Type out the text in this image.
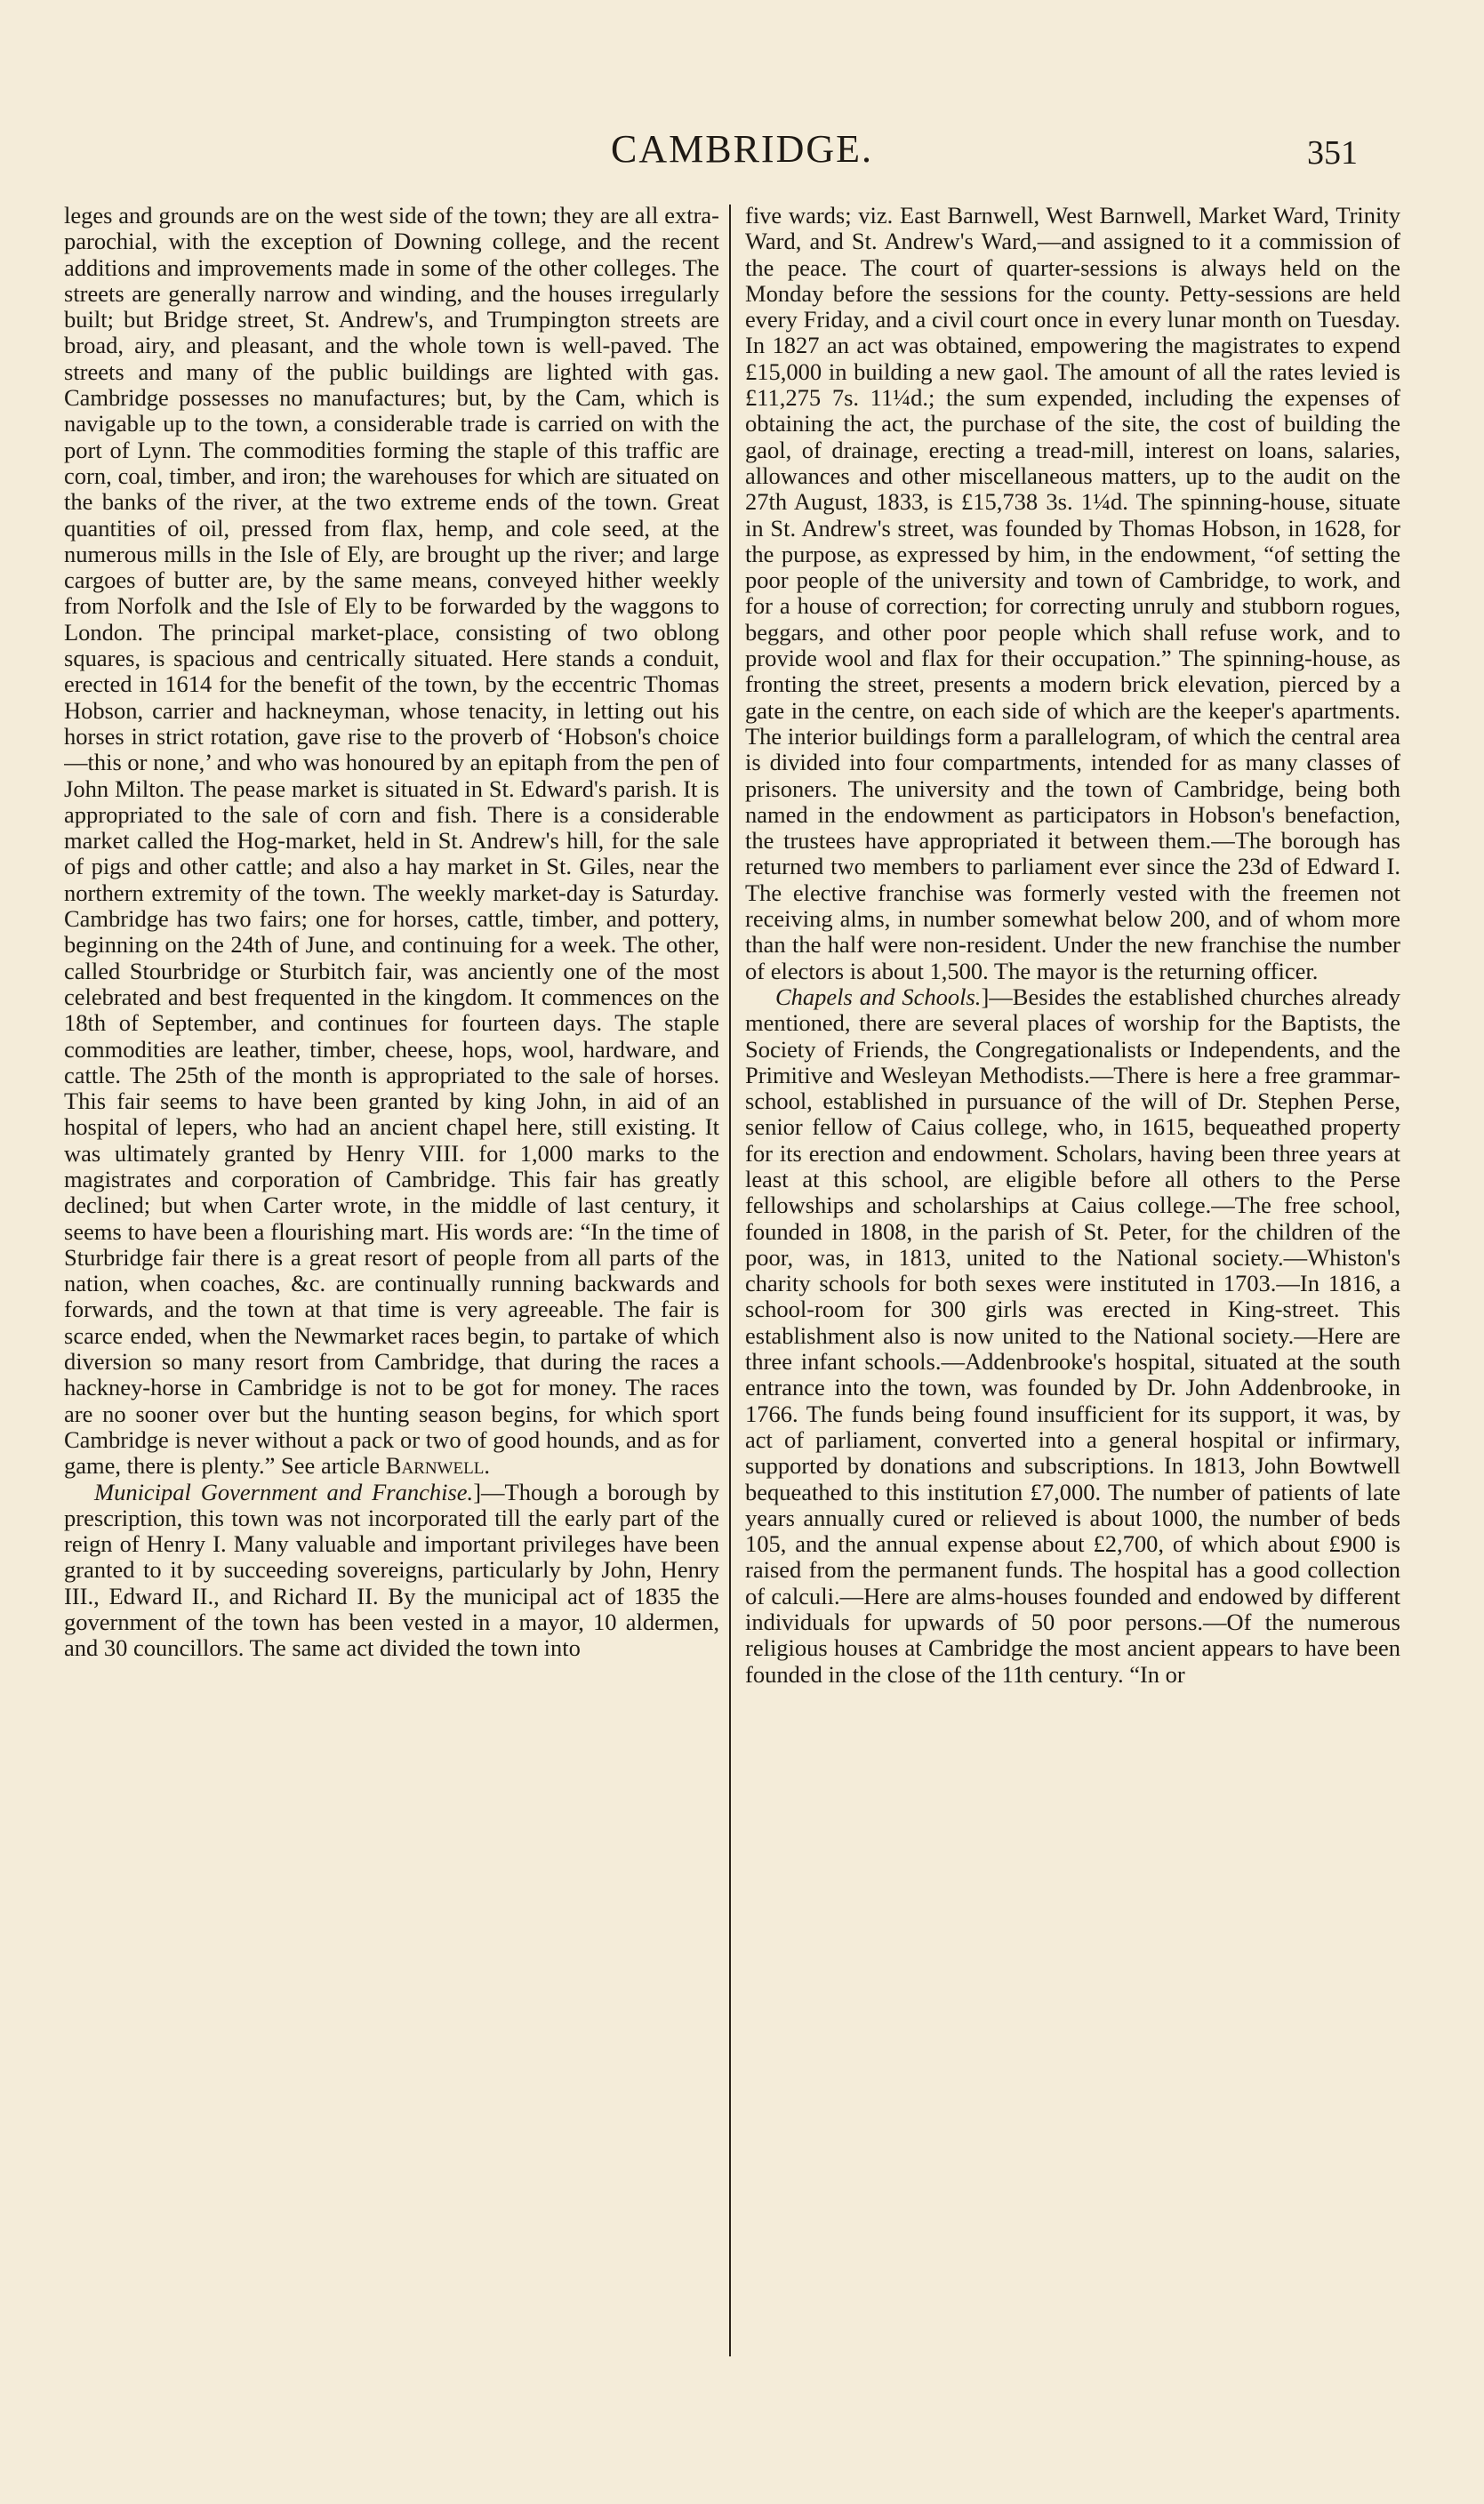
CAMBRIDGE.	351

leges and grounds are on the west side of the town; they are all extra-parochial, with the exception of Downing college, and the recent additions and improvements made in some of the other colleges. The streets are generally narrow and winding, and the houses irregularly built; but Bridge street, St. Andrew's, and Trumpington streets are broad, airy, and pleasant, and the whole town is well-paved. The streets and many of the public buildings are lighted with gas. Cambridge possesses no manufactures; but, by the Cam, which is navigable up to the town, a considerable trade is carried on with the port of Lynn. The commodities forming the staple of this traffic are corn, coal, timber, and iron; the warehouses for which are situated on the banks of the river, at the two extreme ends of the town. Great quantities of oil, pressed from flax, hemp, and cole seed, at the numerous mills in the Isle of Ely, are brought up the river; and large cargoes of butter are, by the same means, conveyed hither weekly from Norfolk and the Isle of Ely to be forwarded by the waggons to London. The principal market-place, consisting of two oblong squares, is spacious and centrically situated. Here stands a conduit, erected in 1614 for the benefit of the town, by the eccentric Thomas Hobson, carrier and hackneyman, whose tenacity, in letting out his horses in strict rotation, gave rise to the proverb of ‘Hobson's choice—this or none,’ and who was honoured by an epitaph from the pen of John Milton. The pease market is situated in St. Edward's parish. It is appropriated to the sale of corn and fish. There is a considerable market called the Hog-market, held in St. Andrew's hill, for the sale of pigs and other cattle; and also a hay market in St. Giles, near the northern extremity of the town. The weekly market-day is Saturday. Cambridge has two fairs; one for horses, cattle, timber, and pottery, beginning on the 24th of June, and continuing for a week. The other, called Stourbridge or Sturbitch fair, was anciently one of the most celebrated and best frequented in the kingdom. It commences on the 18th of September, and continues for fourteen days. The staple commodities are leather, timber, cheese, hops, wool, hardware, and cattle. The 25th of the month is appropriated to the sale of horses. This fair seems to have been granted by king John, in aid of an hospital of lepers, who had an ancient chapel here, still existing. It was ultimately granted by Henry VIII. for 1,000 marks to the magistrates and corporation of Cambridge. This fair has greatly declined; but when Carter wrote, in the middle of last century, it seems to have been a flourishing mart. His words are: “In the time of Sturbridge fair there is a great resort of people from all parts of the nation, when coaches, &c. are continually running backwards and forwards, and the town at that time is very agreeable. The fair is scarce ended, when the Newmarket races begin, to partake of which diversion so many resort from Cambridge, that during the races a hackney-horse in Cambridge is not to be got for money. The races are no sooner over but the hunting season begins, for which sport Cambridge is never without a pack or two of good hounds, and as for game, there is plenty.” See article Barnwell.

Municipal Government and Franchise.]—Though a borough by prescription, this town was not incorporated till the early part of the reign of Henry I. Many valuable and important privileges have been granted to it by succeeding sovereigns, particularly by John, Henry III., Edward II., and Richard II. By the municipal act of 1835 the government of the town has been vested in a mayor, 10 aldermen, and 30 councillors. The same act divided the town into

five wards; viz. East Barnwell, West Barnwell, Market Ward, Trinity Ward, and St. Andrew's Ward,—and assigned to it a commission of the peace. The court of quarter-sessions is always held on the Monday before the sessions for the county. Petty-sessions are held every Friday, and a civil court once in every lunar month on Tuesday. In 1827 an act was obtained, empowering the magistrates to expend £15,000 in building a new gaol. The amount of all the rates levied is £11,275 7s. 11¼d.; the sum expended, including the expenses of obtaining the act, the purchase of the site, the cost of building the gaol, of drainage, erecting a tread-mill, interest on loans, salaries, allowances and other miscellaneous matters, up to the audit on the 27th August, 1833, is £15,738 3s. 1¼d. The spinning-house, situate in St. Andrew's street, was founded by Thomas Hobson, in 1628, for the purpose, as expressed by him, in the endowment, “of setting the poor people of the university and town of Cambridge, to work, and for a house of correction; for correcting unruly and stubborn rogues, beggars, and other poor people which shall refuse work, and to provide wool and flax for their occupation.” The spinning-house, as fronting the street, presents a modern brick elevation, pierced by a gate in the centre, on each side of which are the keeper's apartments. The interior buildings form a parallelogram, of which the central area is divided into four compartments, intended for as many classes of prisoners. The university and the town of Cambridge, being both named in the endowment as participators in Hobson's benefaction, the trustees have appropriated it between them.—The borough has returned two members to parliament ever since the 23d of Edward I. The elective franchise was formerly vested with the freemen not receiving alms, in number somewhat below 200, and of whom more than the half were non-resident. Under the new franchise the number of electors is about 1,500. The mayor is the returning officer.

Chapels and Schools.]—Besides the established churches already mentioned, there are several places of worship for the Baptists, the Society of Friends, the Congregationalists or Independents, and the Primitive and Wesleyan Methodists.—There is here a free grammar-school, established in pursuance of the will of Dr. Stephen Perse, senior fellow of Caius college, who, in 1615, bequeathed property for its erection and endowment. Scholars, having been three years at least at this school, are eligible before all others to the Perse fellowships and scholarships at Caius college.—The free school, founded in 1808, in the parish of St. Peter, for the children of the poor, was, in 1813, united to the National society.—Whiston's charity schools for both sexes were instituted in 1703.—In 1816, a school-room for 300 girls was erected in King-street. This establishment also is now united to the National society.—Here are three infant schools.—Addenbrooke's hospital, situated at the south entrance into the town, was founded by Dr. John Addenbrooke, in 1766. The funds being found insufficient for its support, it was, by act of parliament, converted into a general hospital or infirmary, supported by donations and subscriptions. In 1813, John Bowtwell bequeathed to this institution £7,000. The number of patients of late years annually cured or relieved is about 1000, the number of beds 105, and the annual expense about £2,700, of which about £900 is raised from the permanent funds. The hospital has a good collection of calculi.—Here are alms-houses founded and endowed by different individuals for upwards of 50 poor persons.—Of the numerous religious houses at Cambridge the most ancient appears to have been founded in the close of the 11th century. “In or
